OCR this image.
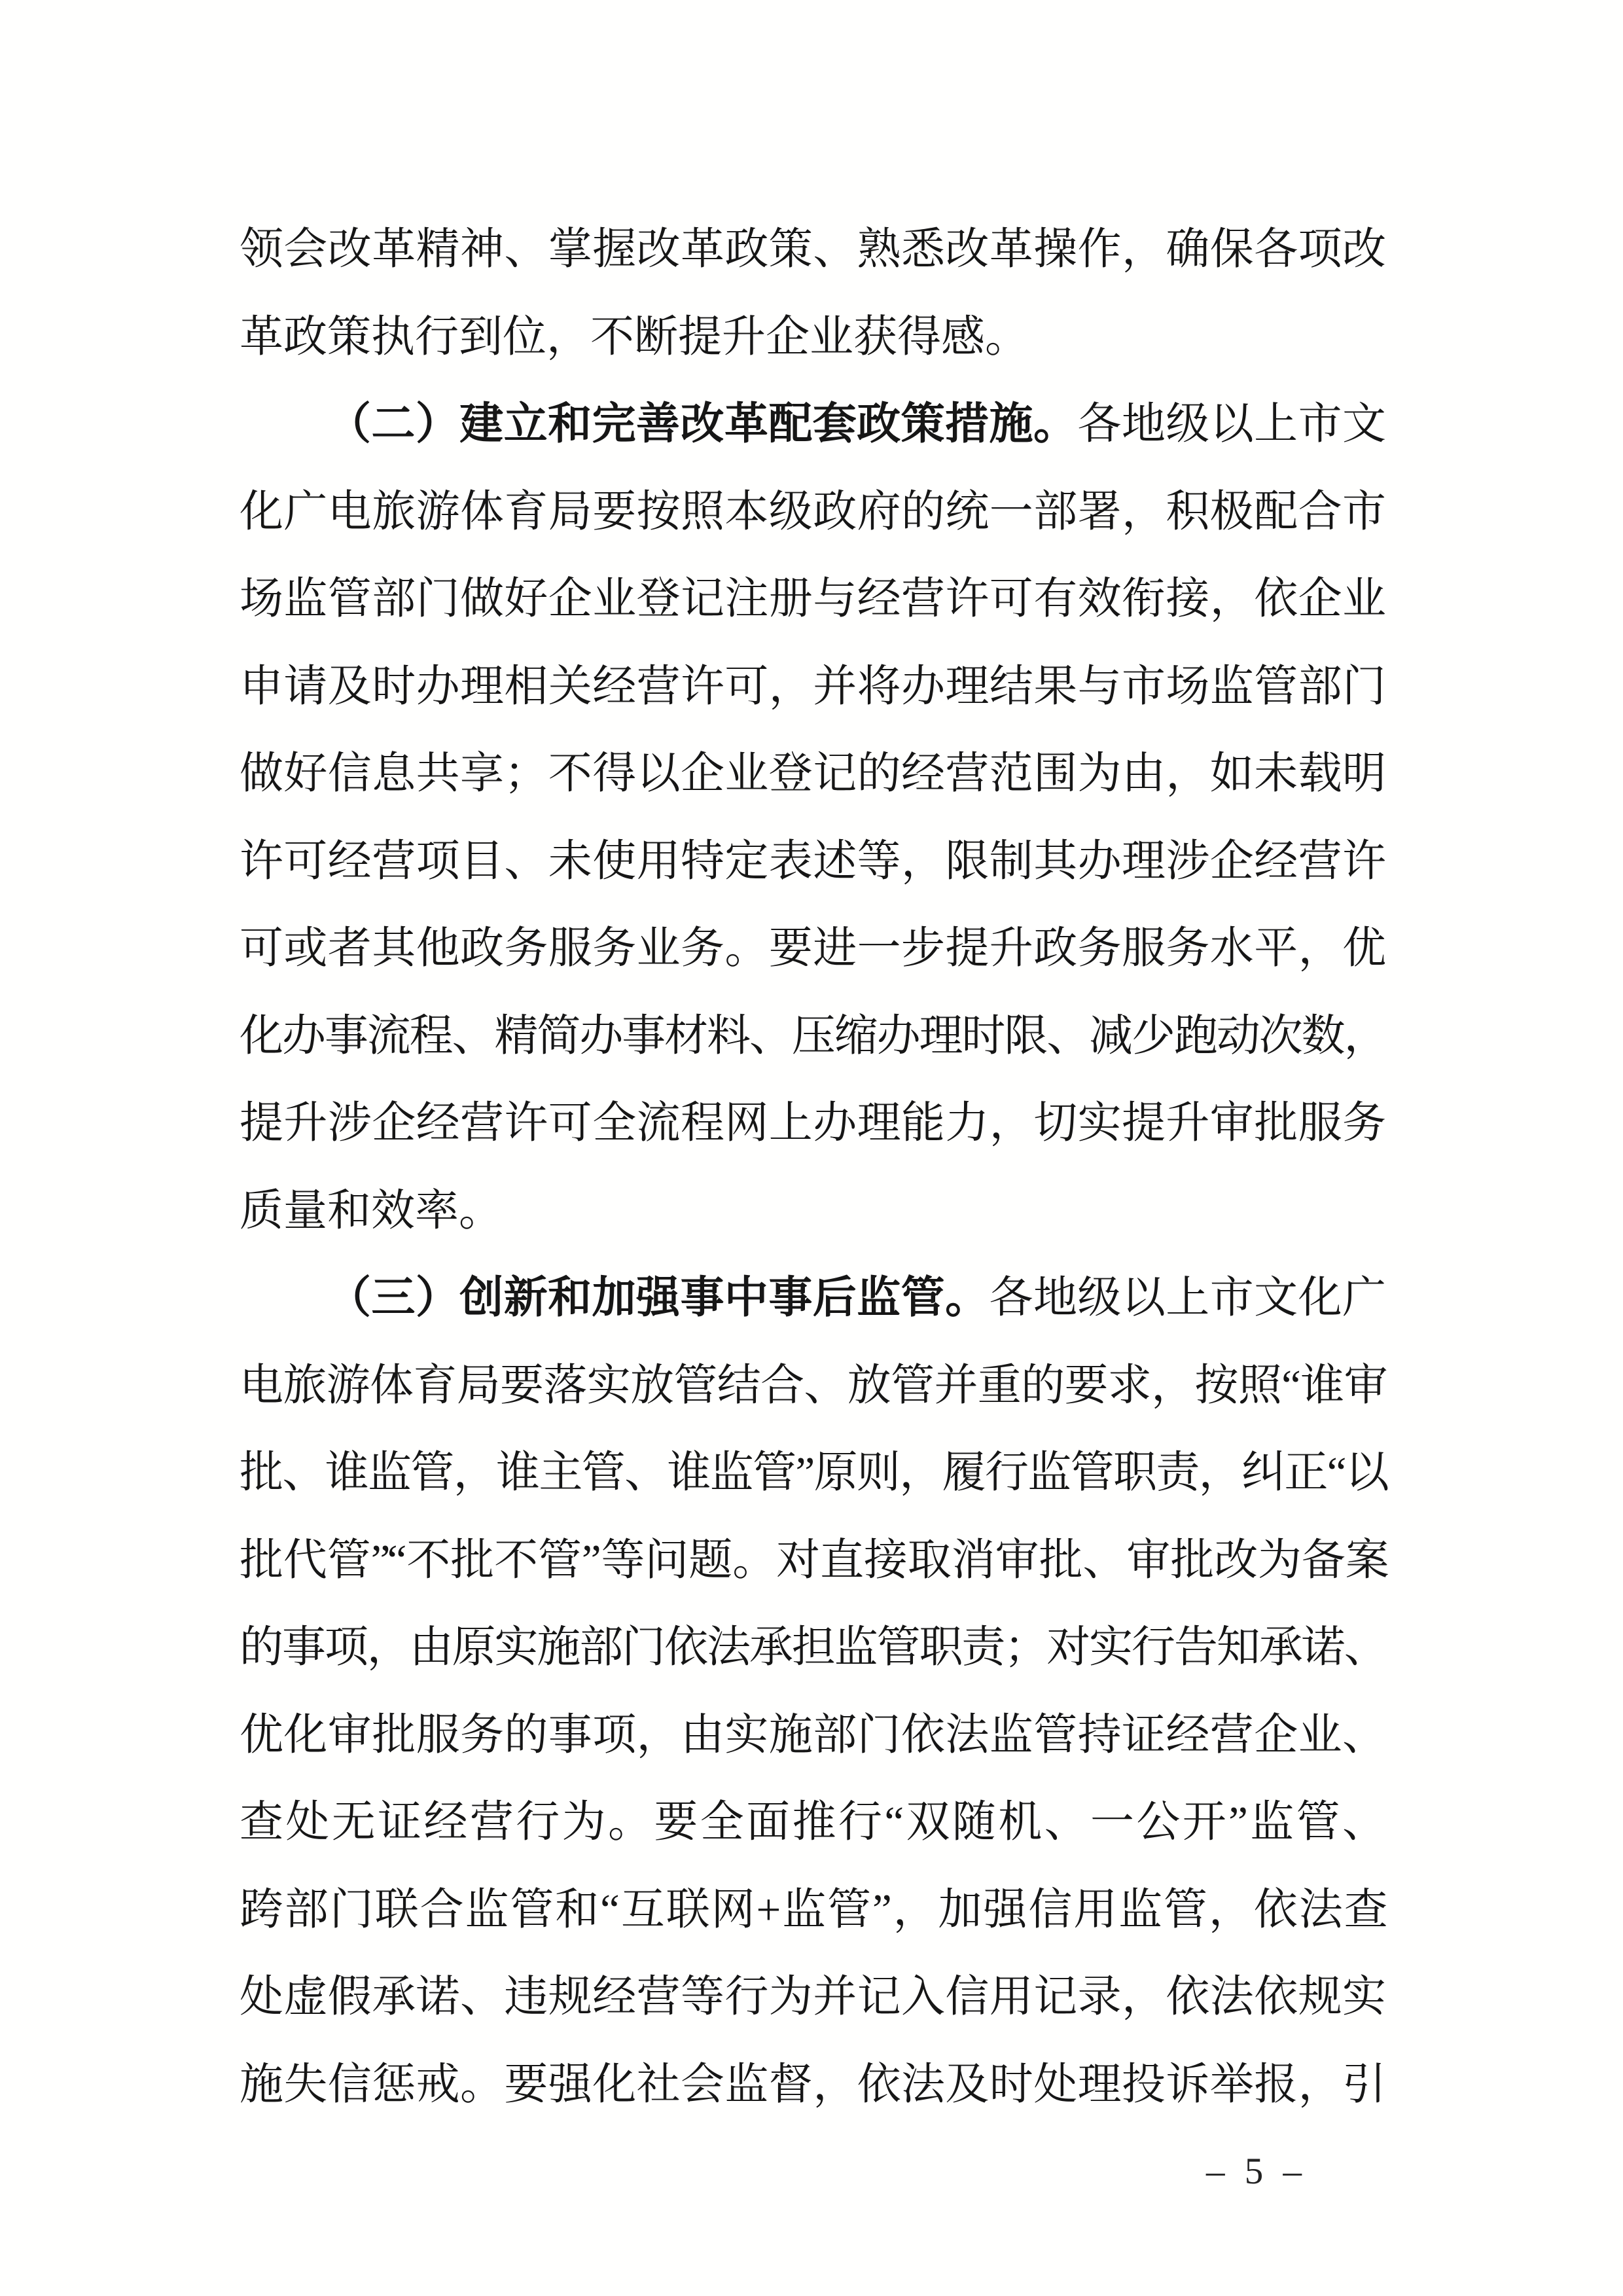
领会改革精神、掌握改革政策、熟悉改革操作，确保各项改
革政策执行到位，不断提升企业获得感。
（二）建立和完善改革配套政策措施。各地级以上市文
化广电旅游体育局要按照本级政府的统一部署，积极配合市
场监管部门做好企业登记注册与经营许可有效衔接，依企业
申请及时办理相关经营许可，并将办理结果与市场监管部门
做好信息共享；不得以企业登记的经营范围为由，如未载明
许可经营项目、未使用特定表述等，限制其办理涉企经营许
可或者其他政务服务业务。要进一步提升政务服务水平，优
化办事流程、精简办事材料、压缩办理时限、减少跑动次数，
提升涉企经营许可全流程网上办理能力，切实提升审批服务
质量和效率。
（三）创新和加强事中事后监管。各地级以上市文化广
电旅游体育局要落实放管结合、放管并重的要求，按照“谁审
批、谁监管，谁主管、谁监管”原则，履行监管职责，纠正“以
批代管”“不批不管”等问题。对直接取消审批、审批改为备案
的事项，由原实施部门依法承担监管职责；对实行告知承诺、
优化审批服务的事项，由实施部门依法监管持证经营企业、
查处无证经营行为。要全面推行“双随机、一公开”监管、
跨部门联合监管和“互联网+监管”，加强信用监管，依法查
处虚假承诺、违规经营等行为并记入信用记录，依法依规实
施失信惩戒。要强化社会监督，依法及时处理投诉举报，引
– 5 –
